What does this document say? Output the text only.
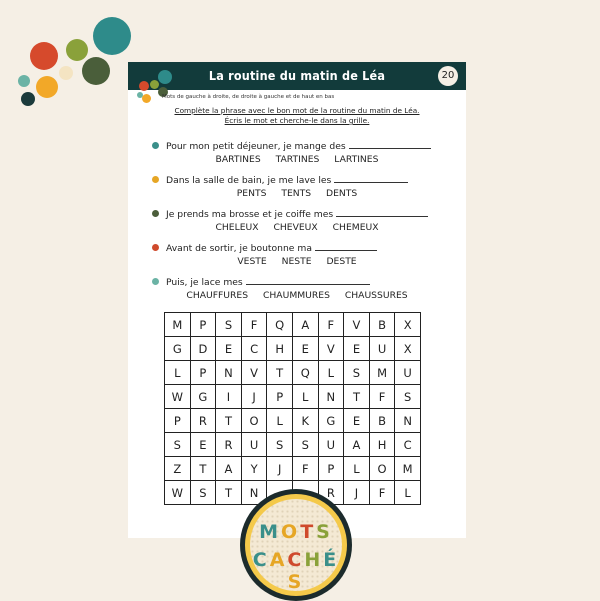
La routine du matin de Léa	20
Mots de gauche à droite, de droite à gauche et de haut en bas
Complète la phrase avec le bon mot de la routine du matin de Léa.
Écris le mot et cherche-le dans la grille.
Pour mon petit déjeuner, je mange des
BARTINES TARTINES LARTINES
Dans la salle de bain, je me lave les
PENTS TENTS DENTS
Je prends ma brosse et je coiffe mes
CHELEUX CHEVEUX CHEMEUX
Avant de sortir, je boutonne ma
VESTE NESTE DESTE
Puis, je lace mes
CHAUFFURES CHAUMMURES CHAUSSURES
M	P	S	F	Q	A	F	V	B	X
G	D	E	C	H	E	V	E	U	X
L	P	N	V	T	Q	L	S	M	U
W	G	I	J	P	L	N	T	F	S
P	R	T	O	L	K	G	E	B	N
S	E	R	U	S	S	U	A	H	C
Z	T	A	Y	J	F	P	L	O	M
W	S	T	N			R	J	F	L
MOTS
CACHÉS
